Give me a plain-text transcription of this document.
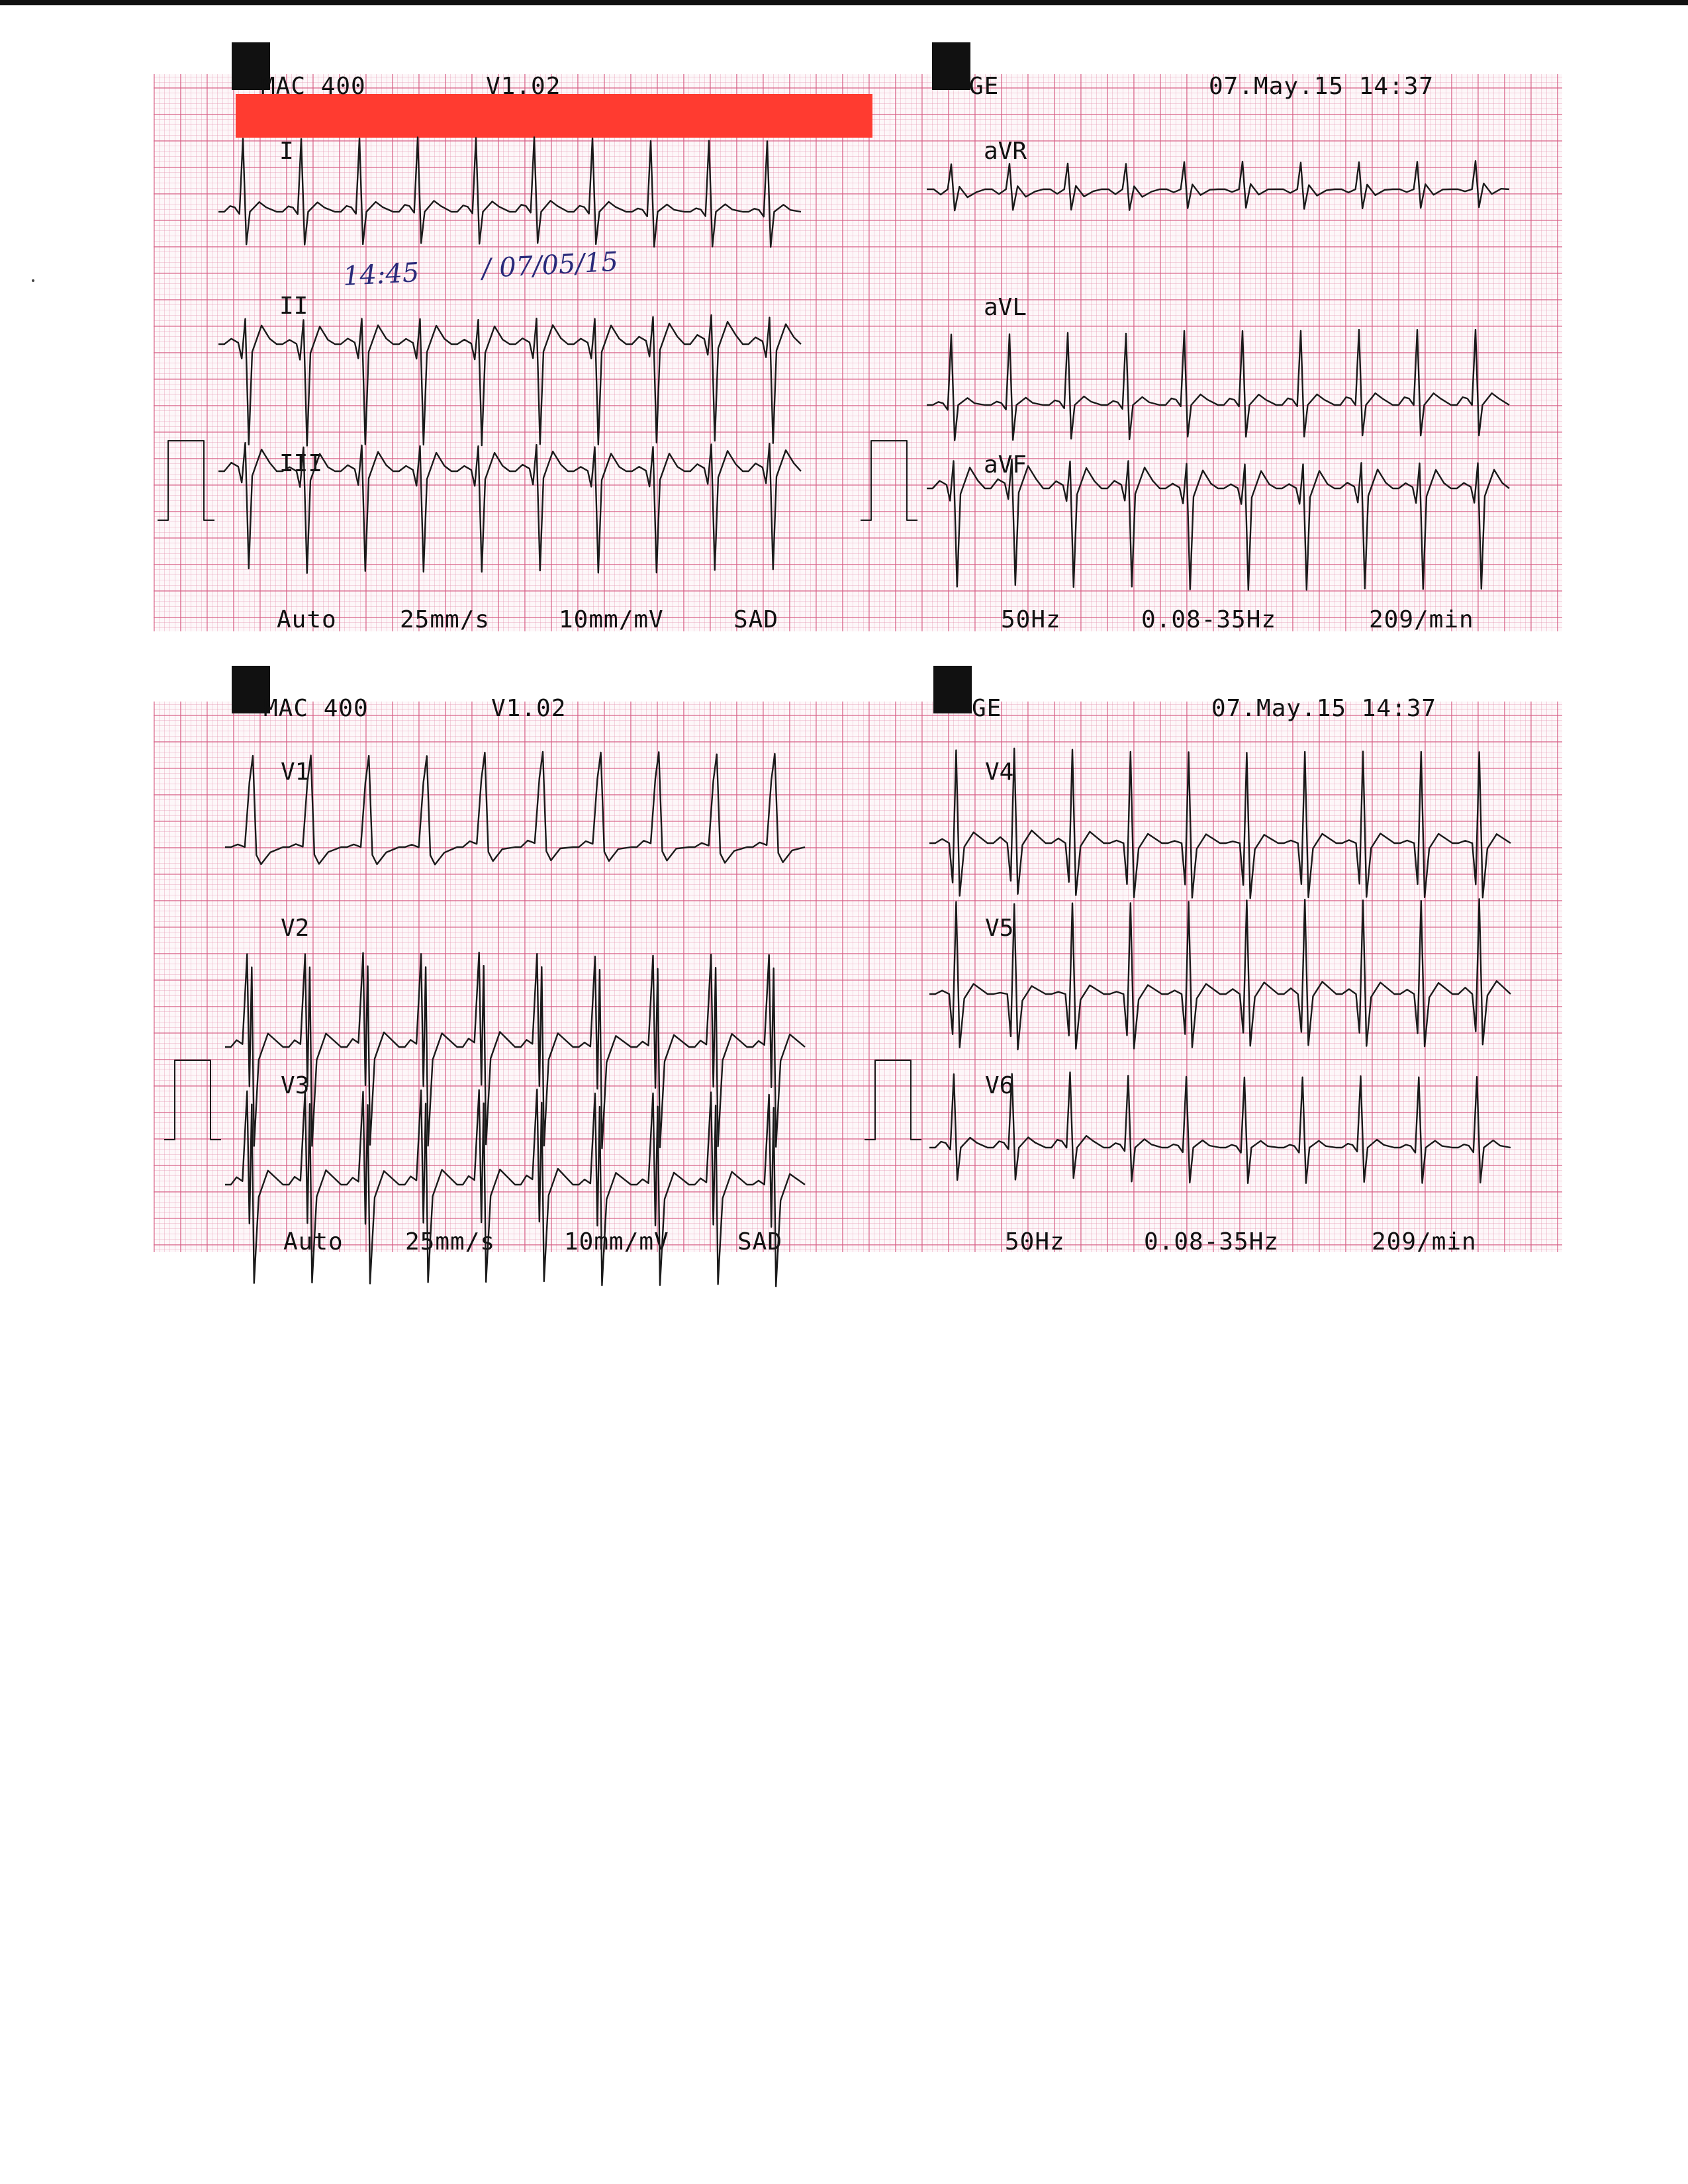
MAC 400	V1.02	GE	07.May.15 14:37
I
II
III
aVR
aVL
aVF
14:45 / 07/05/15
Auto	25mm/s	10mm/mV	SAD	50Hz	0.08-35Hz	209/min
MAC 400	V1.02	GE	07.May.15 14:37
V1
V2
V3
V4
V5
V6
Auto	25mm/s	10mm/mV	SAD	50Hz	0.08-35Hz	209/min
